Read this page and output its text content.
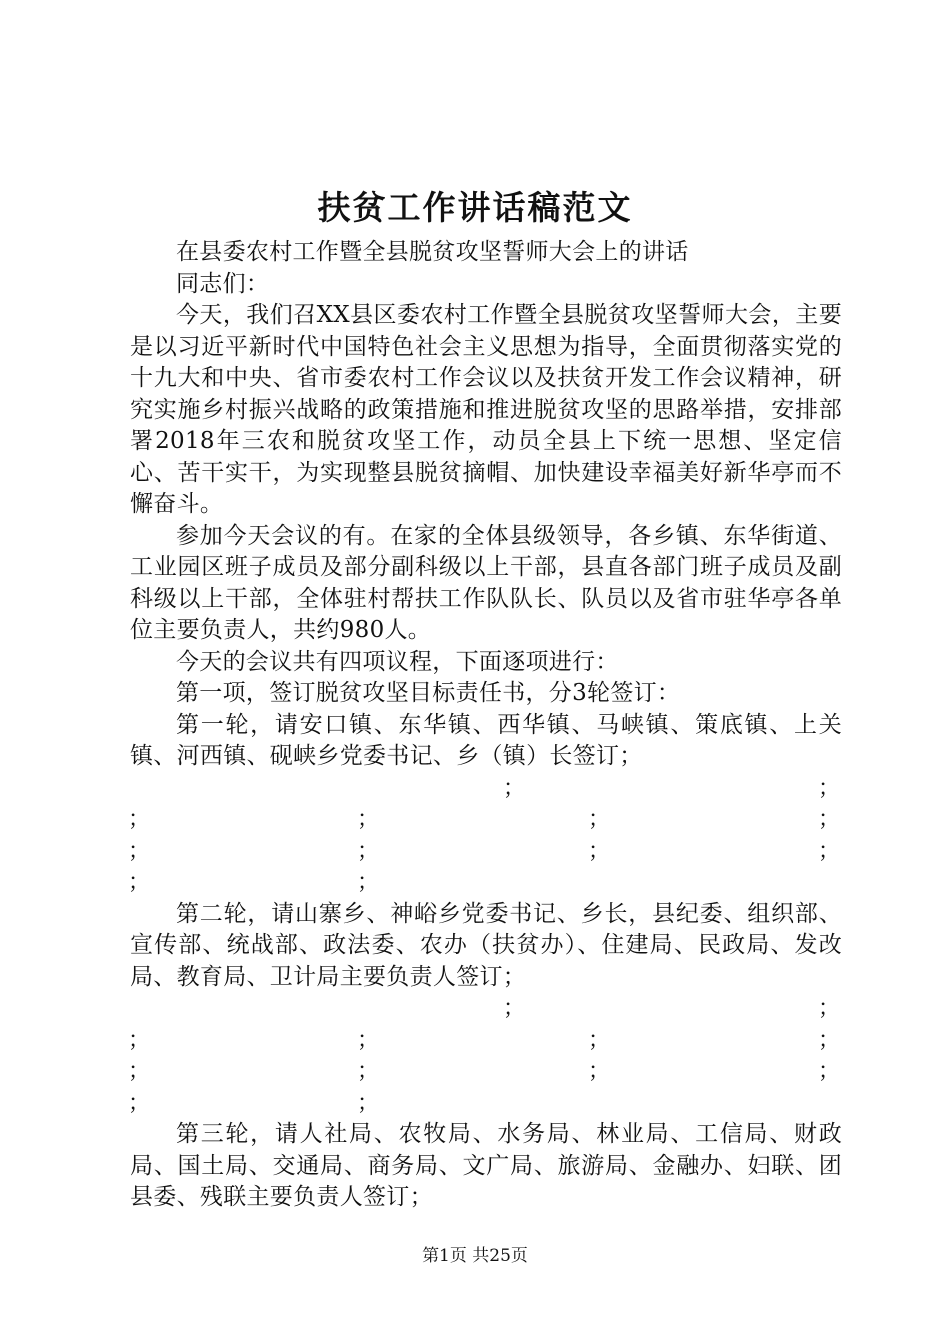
扶贫工作讲话稿范文

在县委农村工作暨全县脱贫攻坚誓师大会上的讲话

同志们：

今天，我们召XX县区委农村工作暨全县脱贫攻坚誓师大会，主要是以习近平新时代中国特色社会主义思想为指导，全面贯彻落实党的十九大和中央、省市委农村工作会议以及扶贫开发工作会议精神，研究实施乡村振兴战略的政策措施和推进脱贫攻坚的思路举措，安排部署2018年三农和脱贫攻坚工作，动员全县上下统一思想、坚定信心、苦干实干，为实现整县脱贫摘帽、加快建设幸福美好新华亭而不懈奋斗。

参加今天会议的有。在家的全体县级领导，各乡镇、东华街道、工业园区班子成员及部分副科级以上干部，县直各部门班子成员及副科级以上干部，全体驻村帮扶工作队队长、队员以及省市驻华亭各单位主要负责人，共约980人。

今天的会议共有四项议程，下面逐项进行：

第一项，签订脱贫攻坚目标责任书，分3轮签订：

第一轮，请安口镇、东华镇、西华镇、马峡镇、策底镇、上关镇、河西镇、砚峡乡党委书记、乡（镇）长签订；

；	；
；	；	；	；
；	；	；	；
；	；

第二轮，请山寨乡、神峪乡党委书记、乡长，县纪委、组织部、宣传部、统战部、政法委、农办（扶贫办）、住建局、民政局、发改局、教育局、卫计局主要负责人签订；

；	；
；	；	；	；
；	；	；	；
；	；

第三轮，请人社局、农牧局、水务局、林业局、工信局、财政局、国土局、交通局、商务局、文广局、旅游局、金融办、妇联、团县委、残联主要负责人签订；

第1页 共25页
